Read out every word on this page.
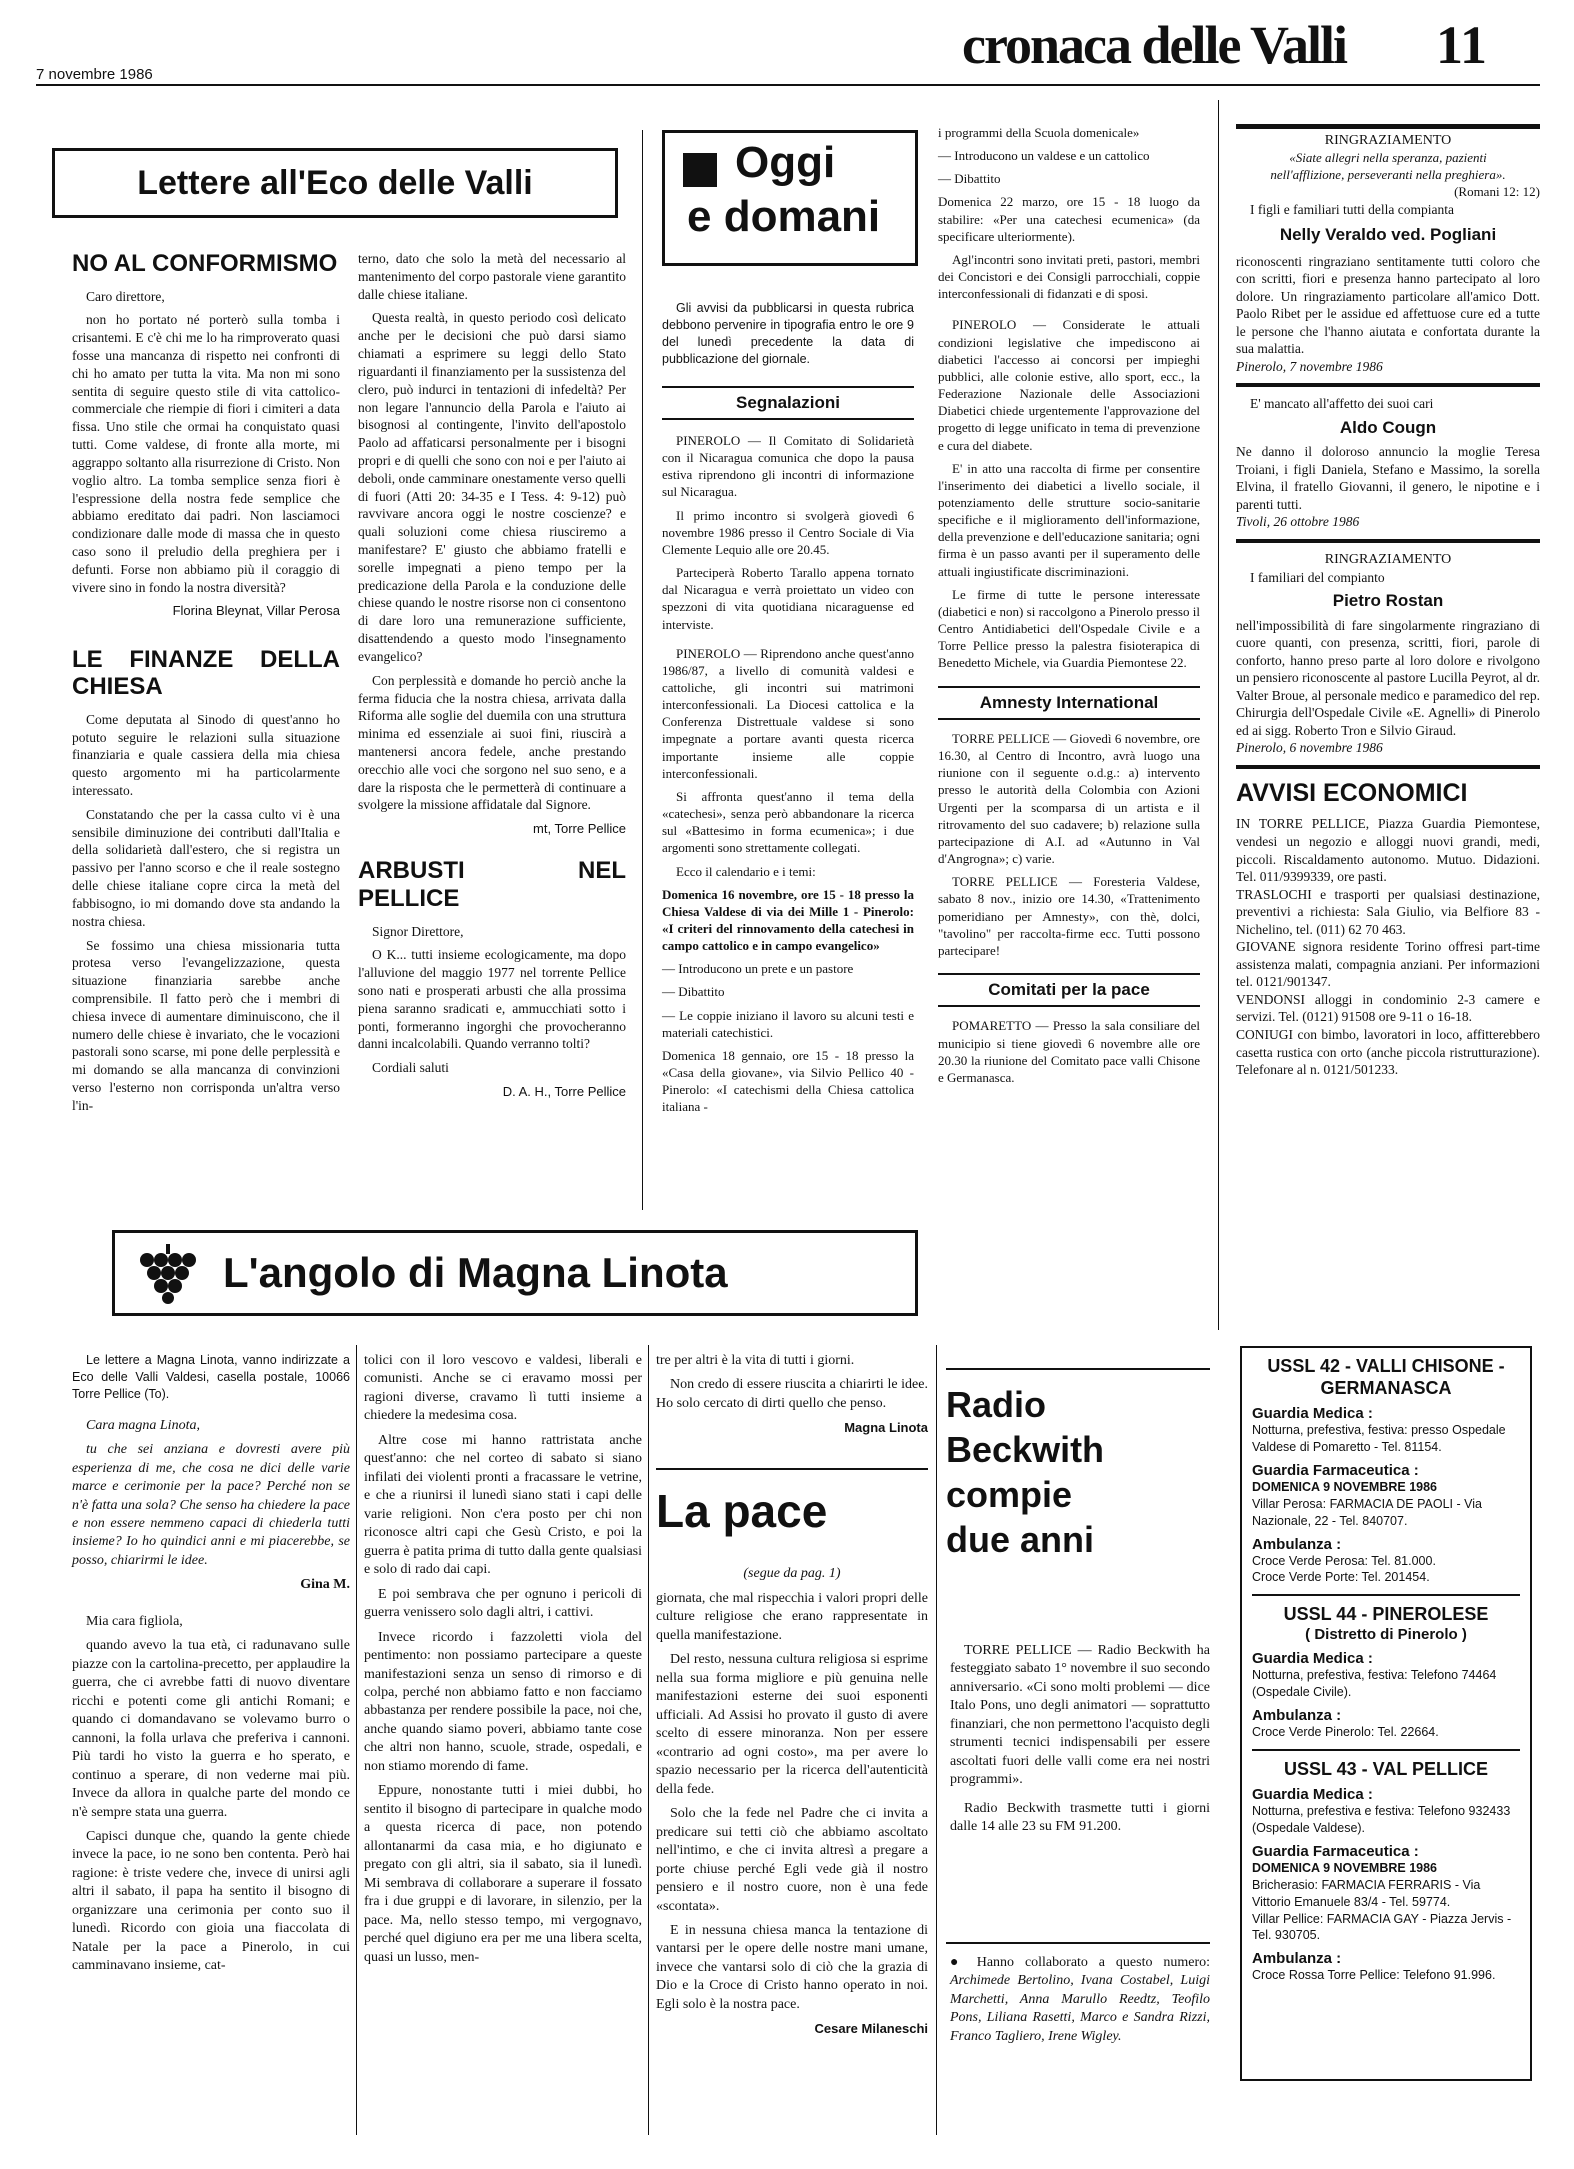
7 novembre 1986	cronaca delle Valli 11
Lettere all'Eco delle Valli
NO AL CONFORMISMO

Caro direttore,

non ho portato né porterò sulla tomba i crisantemi. E c'è chi me lo ha rimproverato quasi fosse una mancanza di rispetto nei confronti di chi ho amato per tutta la vita. Ma non mi sono sentita di seguire questo stile di vita cattolico-commerciale che riempie di fiori i cimiteri a data fissa. Uno stile che ormai ha conquistato quasi tutti. Come valdese, di fronte alla morte, mi aggrappo soltanto alla risurrezione di Cristo. Non voglio altro. La tomba semplice senza fiori è l'espressione della nostra fede semplice che abbiamo ereditato dai padri. Non lasciamoci condizionare dalle mode di massa che in questo caso sono il preludio della preghiera per i defunti. Forse non abbiamo più il coraggio di vivere sino in fondo la nostra diversità?

Florina Bleynat, Villar Perosa
LE FINANZE DELLA CHIESA

Come deputata al Sinodo di quest'anno ho potuto seguire le relazioni sulla situazione finanziaria e quale cassiera della mia chiesa questo argomento mi ha particolarmente interessato.

Constatando che per la cassa culto vi è una sensibile diminuzione dei contributi dall'Italia e della solidarietà dall'estero, che si registra un passivo per l'anno scorso e che il reale sostegno delle chiese italiane copre circa la metà del fabbisogno, io mi domando dove sta andando la nostra chiesa.

Se fossimo una chiesa missionaria tutta protesa verso l'evangelizzazione, questa situazione finanziaria sarebbe anche comprensibile. Il fatto però che i membri di chiesa invece di aumentare diminuiscono, che il numero delle chiese è invariato, che le vocazioni pastorali sono scarse, mi pone delle perplessità e mi domando se alla mancanza di convinzioni verso l'esterno non corrisponda un'altra verso l'in-

terno, dato che solo la metà del necessario al mantenimento del corpo pastorale viene garantito dalle chiese italiane.

Questa realtà, in questo periodo così delicato anche per le decisioni che può darsi siamo chiamati a esprimere su leggi dello Stato riguardanti il finanziamento per la sussistenza del clero, può indurci in tentazioni di infedeltà? Per non legare l'annuncio della Parola e l'aiuto ai bisognosi al contingente, l'invito dell'apostolo Paolo ad affaticarsi personalmente per i bisogni propri e di quelli che sono con noi e per l'aiuto ai deboli, onde camminare onestamente verso quelli di fuori (Atti 20: 34-35 e I Tess. 4: 9-12) può ravvivare ancora oggi le nostre coscienze? e quali soluzioni come chiesa riusciremo a manifestare? E' giusto che abbiamo fratelli e sorelle impegnati a pieno tempo per la predicazione della Parola e la conduzione delle chiese quando le nostre risorse non ci consentono di dare loro una remunerazione sufficiente, disattendendo a questo modo l'insegnamento evangelico?

Con perplessità e domande ho perciò anche la ferma fiducia che la nostra chiesa, arrivata dalla Riforma alle soglie del duemila con una struttura minima ed essenziale ai suoi fini, riuscirà a mantenersi ancora fedele, anche prestando orecchio alle voci che sorgono nel suo seno, e a dare la risposta che le permetterà di continuare a svolgere la missione affidatale dal Signore.

mt, Torre Pellice
ARBUSTI NEL PELLICE

Signor Direttore,

O K... tutti insieme ecologicamente, ma dopo l'alluvione del maggio 1977 nel torrente Pellice sono nati e prosperati arbusti che alla prossima piena saranno sradicati e, ammucchiati sotto i ponti, formeranno ingorghi che provocheranno danni incalcolabili. Quando verranno tolti?

Cordiali saluti

D. A. H., Torre Pellice
Oggi
e domani

Gli avvisi da pubblicarsi in questa rubrica debbono pervenire in tipografia entro le ore 9 del lunedì precedente la data di pubblicazione del giornale.

Segnalazioni

PINEROLO — Il Comitato di Solidarietà con il Nicaragua comunica che dopo la pausa estiva riprendono gli incontri di informazione sul Nicaragua.

Il primo incontro si svolgerà giovedì 6 novembre 1986 presso il Centro Sociale di Via Clemente Lequio alle ore 20.45.

Parteciperà Roberto Tarallo appena tornato dal Nicaragua e verrà proiettato un video con spezzoni di vita quotidiana nicaraguense ed interviste.

PINEROLO — Riprendono anche quest'anno 1986/87, a livello di comunità valdesi e cattoliche, gli incontri sui matrimoni interconfessionali. La Diocesi cattolica e la Conferenza Distrettuale valdese si sono impegnate a portare avanti questa ricerca importante insieme alle coppie interconfessionali.

Si affronta quest'anno il tema della «catechesi», senza però abbandonare la ricerca sul «Battesimo in forma ecumenica»; i due argomenti sono strettamente collegati.

Ecco il calendario e i temi:

Domenica 16 novembre, ore 15 - 18 presso la Chiesa Valdese di via dei Mille 1 - Pinerolo: «I criteri del rinnovamento della catechesi in campo cattolico e in campo evangelico»

— Introducono un prete e un pastore

— Dibattito

— Le coppie iniziano il lavoro su alcuni testi e materiali catechistici.

Domenica 18 gennaio, ore 15 - 18 presso la «Casa della giovane», via Silvio Pellico 40 - Pinerolo: «I catechismi della Chiesa cattolica italiana -

i programmi della Scuola domenicale»

— Introducono un valdese e un cattolico

— Dibattito

Domenica 22 marzo, ore 15 - 18 luogo da stabilire: «Per una catechesi ecumenica» (da specificare ulteriormente).

Agl'incontri sono invitati preti, pastori, membri dei Concistori e dei Consigli parrocchiali, coppie interconfessionali di fidanzati e di sposi.

PINEROLO — Considerate le attuali condizioni legislative che impediscono ai diabetici l'accesso ai concorsi per impieghi pubblici, alle colonie estive, allo sport, ecc., la Federazione Nazionale delle Associazioni Diabetici chiede urgentemente l'approvazione del progetto di legge unificato in tema di prevenzione e cura del diabete.

E' in atto una raccolta di firme per consentire l'inserimento dei diabetici a livello sociale, il potenziamento delle strutture socio-sanitarie specifiche e il miglioramento dell'informazione, della prevenzione e dell'educazione sanitaria; ogni firma è un passo avanti per il superamento delle attuali ingiustificate discriminazioni.

Le firme di tutte le persone interessate (diabetici e non) si raccolgono a Pinerolo presso il Centro Antidiabetici dell'Ospedale Civile e a Torre Pellice presso la palestra fisioterapica di Benedetto Michele, via Guardia Piemontese 22.

Amnesty International

TORRE PELLICE — Giovedì 6 novembre, ore 16.30, al Centro di Incontro, avrà luogo una riunione con il seguente o.d.g.: a) intervento presso le autorità della Colombia con Azioni Urgenti per la scomparsa di un artista e il ritrovamento del suo cadavere; b) relazione sulla partecipazione di A.I. ad «Autunno in Val d'Angrogna»; c) varie.

TORRE PELLICE — Foresteria Valdese, sabato 8 nov., inizio ore 14.30, «Trattenimento pomeridiano per Amnesty», con thè, dolci, "tavolino" per raccolta-firme ecc. Tutti possono partecipare!

Comitati per la pace

POMARETTO — Presso la sala consiliare del municipio si tiene giovedì 6 novembre alle ore 20.30 la riunione del Comitato pace valli Chisone e Germanasca.

RINGRAZIAMENTO
«Siate allegri nella speranza, pazienti nell'afflizione, perseveranti nella preghiera».
(Romani 12: 12)
I figli e familiari tutti della compianta
Nelly Veraldo ved. Pogliani
riconoscenti ringraziano sentitamente tutti coloro che con scritti, fiori e presenza hanno partecipato al loro dolore. Un ringraziamento particolare all'amico Dott. Paolo Ribet per le assidue ed affettuose cure ed a tutte le persone che l'hanno aiutata e confortata durante la sua malattia.
Pinerolo, 7 novembre 1986
E' mancato all'affetto dei suoi cari
Aldo Cougn
Ne danno il doloroso annuncio la moglie Teresa Troiani, i figli Daniela, Stefano e Massimo, la sorella Elvina, il fratello Giovanni, il genero, le nipotine e i parenti tutti.
Tivoli, 26 ottobre 1986
RINGRAZIAMENTO
I familiari del compianto
Pietro Rostan
nell'impossibilità di fare singolarmente ringraziano di cuore quanti, con presenza, scritti, fiori, parole di conforto, hanno preso parte al loro dolore e rivolgono un pensiero riconoscente al pastore Lucilla Peyrot, al dr. Valter Broue, al personale medico e paramedico del rep. Chirurgia dell'Ospedale Civile «E. Agnelli» di Pinerolo ed ai sigg. Roberto Tron e Silvio Giraud.
Pinerolo, 6 novembre 1986
AVVISI ECONOMICI
IN TORRE PELLICE, Piazza Guardia Piemontese, vendesi un negozio e alloggi nuovi grandi, medi, piccoli. Riscaldamento autonomo. Mutuo. Didazioni. Tel. 011/9399339, ore pasti.
TRASLOCHI e trasporti per qualsiasi destinazione, preventivi a richiesta: Sala Giulio, via Belfiore 83 - Nichelino, tel. (011) 62 70 463.
GIOVANE signora residente Torino offresi part-time assistenza malati, compagnia anziani. Per informazioni tel. 0121/901347.
VENDONSI alloggi in condominio 2-3 camere e servizi. Tel. (0121) 91508 ore 9-11 o 16-18.
CONIUGI con bimbo, lavoratori in loco, affitterebbero casetta rustica con orto (anche piccola ristrutturazione). Telefonare al n. 0121/501233.
USSL 42 - VALLI CHISONE - GERMANASCA
Guardia Medica :
Notturna, prefestiva, festiva: presso Ospedale Valdese di Pomaretto - Tel. 81154.
Guardia Farmaceutica :
DOMENICA 9 NOVEMBRE 1986
Villar Perosa: FARMACIA DE PAOLI - Via Nazionale, 22 - Tel. 840707.
Ambulanza :
Croce Verde Perosa: Tel. 81.000.
Croce Verde Porte: Tel. 201454.
USSL 44 - PINEROLESE
( Distretto di Pinerolo )
Guardia Medica :
Notturna, prefestiva, festiva: Telefono 74464 (Ospedale Civile).
Ambulanza :
Croce Verde Pinerolo: Tel. 22664.
USSL 43 - VAL PELLICE
Guardia Medica :
Notturna, prefestiva e festiva: Telefono 932433 (Ospedale Valdese).
Guardia Farmaceutica :
DOMENICA 9 NOVEMBRE 1986
Bricherasio: FARMACIA FERRARIS - Via Vittorio Emanuele 83/4 - Tel. 59774.
Villar Pellice: FARMACIA GAY - Piazza Jervis - Tel. 930705.
Ambulanza :
Croce Rossa Torre Pellice: Telefono 91.996.
L'angolo di Magna Linota

Le lettere a Magna Linota, vanno indirizzate a Eco delle Valli Valdesi, casella postale, 10066 Torre Pellice (To).

Cara magna Linota,

tu che sei anziana e dovresti avere più esperienza di me, che cosa ne dici delle varie marce e cerimonie per la pace? Perché non se n'è fatta una sola? Che senso ha chiedere la pace e non essere nemmeno capaci di chiederla tutti insieme? Io ho quindici anni e mi piacerebbe, se posso, chiarirmi le idee.

Gina M.

Mia cara figliola,

quando avevo la tua età, ci radunavano sulle piazze con la cartolina-precetto, per applaudire la guerra, che ci avrebbe fatti di nuovo diventare ricchi e potenti come gli antichi Romani; e quando ci domandavano se volevamo burro o cannoni, la folla urlava che preferiva i cannoni. Più tardi ho visto la guerra e ho sperato, e continuo a sperare, di non vederne mai più. Invece da allora in qualche parte del mondo ce n'è sempre stata una guerra.

Capisci dunque che, quando la gente chiede invece la pace, io ne sono ben contenta. Però hai ragione: è triste vedere che, invece di unirsi agli altri il sabato, il papa ha sentito il bisogno di organizzare una cerimonia per conto suo il lunedì. Ricordo con gioia una fiaccolata di Natale per la pace a Pinerolo, in cui camminavano insieme, cat-

tolici con il loro vescovo e valdesi, liberali e comunisti. Anche se ci eravamo mossi per ragioni diverse, cravamo lì tutti insieme a chiedere la medesima cosa.

Altre cose mi hanno rattristata anche quest'anno: che nel corteo di sabato si siano infilati dei violenti pronti a fracassare le vetrine, e che a riunirsi il lunedì siano stati i capi delle varie religioni. Non c'era posto per chi non riconosce altri capi che Gesù Cristo, e poi la guerra è patita prima di tutto dalla gente qualsiasi e solo di rado dai capi.

E poi sembrava che per ognuno i pericoli di guerra venissero solo dagli altri, i cattivi.

Invece ricordo i fazzoletti viola del pentimento: non possiamo partecipare a queste manifestazioni senza un senso di rimorso e di colpa, perché non abbiamo fatto e non facciamo abbastanza per rendere possibile la pace, noi che, anche quando siamo poveri, abbiamo tante cose che altri non hanno, scuole, strade, ospedali, e non stiamo morendo di fame.

Eppure, nonostante tutti i miei dubbi, ho sentito il bisogno di partecipare in qualche modo a questa ricerca di pace, non potendo allontanarmi da casa mia, e ho digiunato e pregato con gli altri, sia il sabato, sia il lunedì. Mi sembrava di collaborare a superare il fossato fra i due gruppi e di lavorare, in silenzio, per la pace. Ma, nello stesso tempo, mi vergognavo, perché quel digiuno era per me una libera scelta, quasi un lusso, men-

tre per altri è la vita di tutti i giorni.

Non credo di essere riuscita a chiarirti le idee. Ho solo cercato di dirti quello che penso.

Magna Linota
La pace
(segue da pag. 1)

giornata, che mal rispecchia i valori propri delle culture religiose che erano rappresentate in quella manifestazione.

Del resto, nessuna cultura religiosa si esprime nella sua forma migliore e più genuina nelle manifestazioni esterne dei suoi esponenti ufficiali. Ad Assisi ho provato il gusto di avere scelto di essere minoranza. Non per essere «contrario ad ogni costo», ma per avere lo spazio necessario per la ricerca dell'autenticità della fede.

Solo che la fede nel Padre che ci invita a predicare sui tetti ciò che abbiamo ascoltato nell'intimo, e che ci invita altresì a pregare a porte chiuse perché Egli vede già il nostro pensiero e il nostro cuore, non è una fede «scontata».

E in nessuna chiesa manca la tentazione di vantarsi per le opere delle nostre mani umane, invece che vantarsi solo di ciò che la grazia di Dio e la Croce di Cristo hanno operato in noi. Egli solo è la nostra pace.

Cesare Milaneschi
Radio
Beckwith
compie
due anni

TORRE PELLICE — Radio Beckwith ha festeggiato sabato 1° novembre il suo secondo anniversario. «Ci sono molti problemi — dice Italo Pons, uno degli animatori — soprattutto finanziari, che non permettono l'acquisto degli strumenti tecnici indispensabili per essere ascoltati fuori delle valli come era nei nostri programmi».

Radio Beckwith trasmette tutti i giorni dalle 14 alle 23 su FM 91.200.

● Hanno collaborato a questo numero: Archimede Bertolino, Ivana Costabel, Luigi Marchetti, Anna Marullo Reedtz, Teofilo Pons, Liliana Rasetti, Marco e Sandra Rizzi, Franco Tagliero, Irene Wigley.
